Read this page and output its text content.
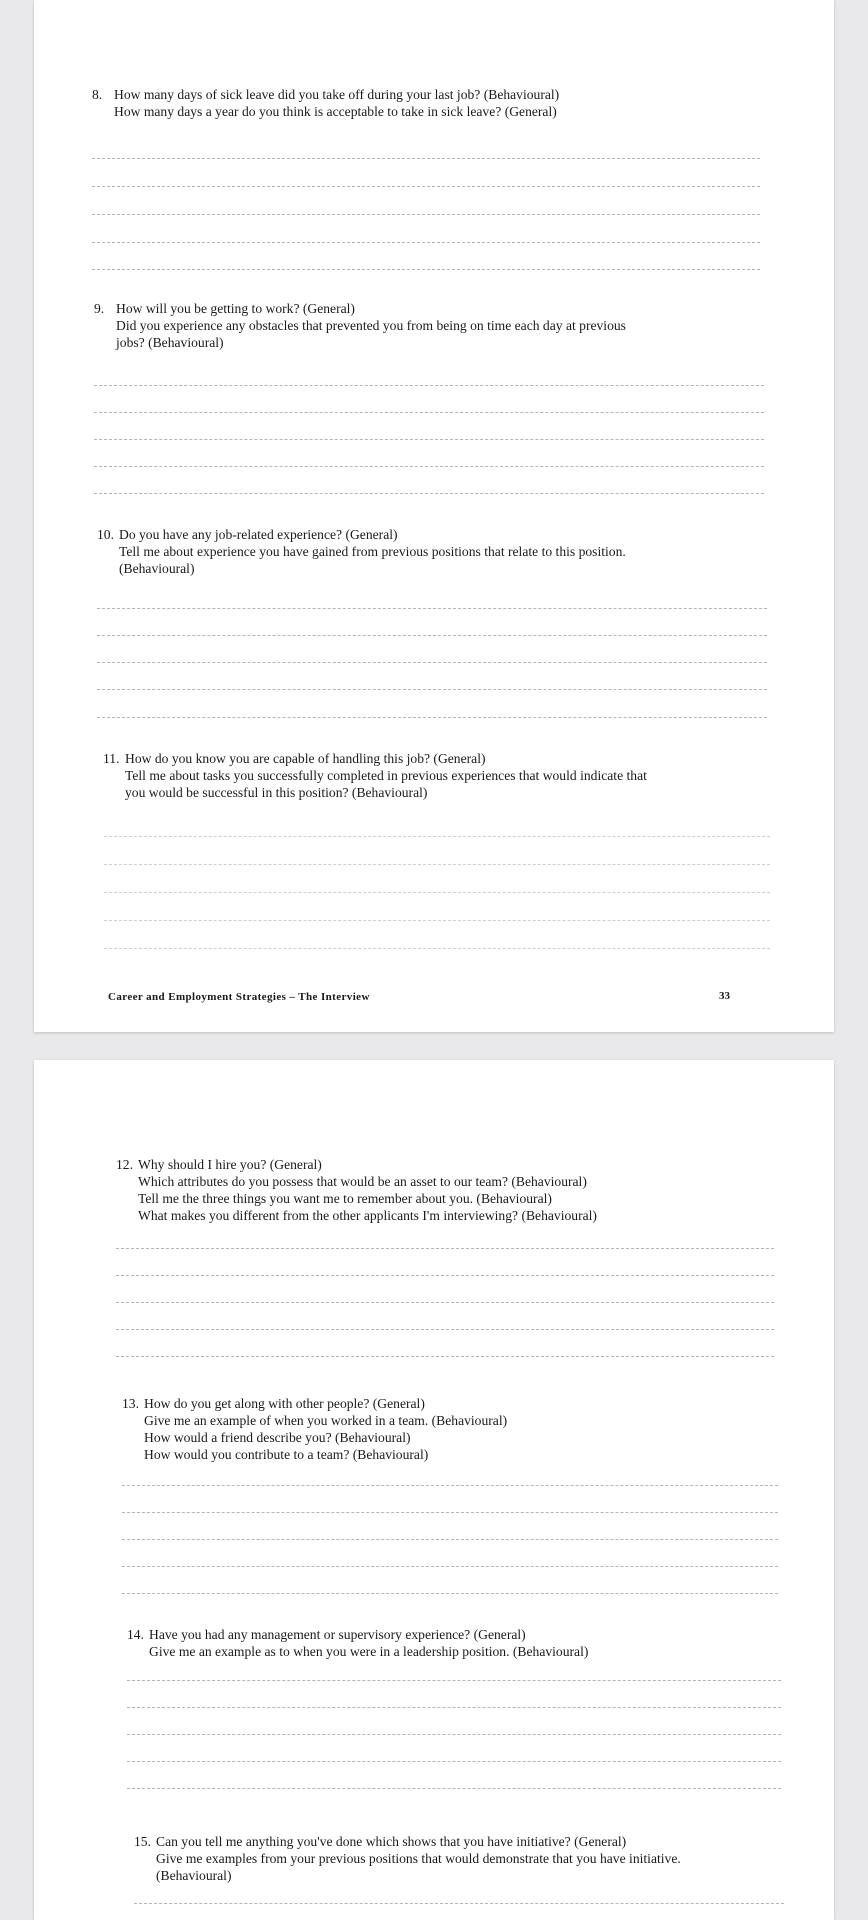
8. How many days of sick leave did you take off during your last job? (Behavioural)
How many days a year do you think is acceptable to take in sick leave? (General)
9. How will you be getting to work? (General)
Did you experience any obstacles that prevented you from being on time each day at previous
jobs? (Behavioural)
10. Do you have any job-related experience? (General)
Tell me about experience you have gained from previous positions that relate to this position.
(Behavioural)
11. How do you know you are capable of handling this job? (General)
Tell me about tasks you successfully completed in previous experiences that would indicate that
you would be successful in this position? (Behavioural)
Career and Employment Strategies – The Interview	33
12. Why should I hire you? (General)
Which attributes do you possess that would be an asset to our team? (Behavioural)
Tell me the three things you want me to remember about you. (Behavioural)
What makes you different from the other applicants I'm interviewing? (Behavioural)
13. How do you get along with other people? (General)
Give me an example of when you worked in a team. (Behavioural)
How would a friend describe you? (Behavioural)
How would you contribute to a team? (Behavioural)
14. Have you had any management or supervisory experience? (General)
Give me an example as to when you were in a leadership position. (Behavioural)
15. Can you tell me anything you've done which shows that you have initiative? (General)
Give me examples from your previous positions that would demonstrate that you have initiative.
(Behavioural)
